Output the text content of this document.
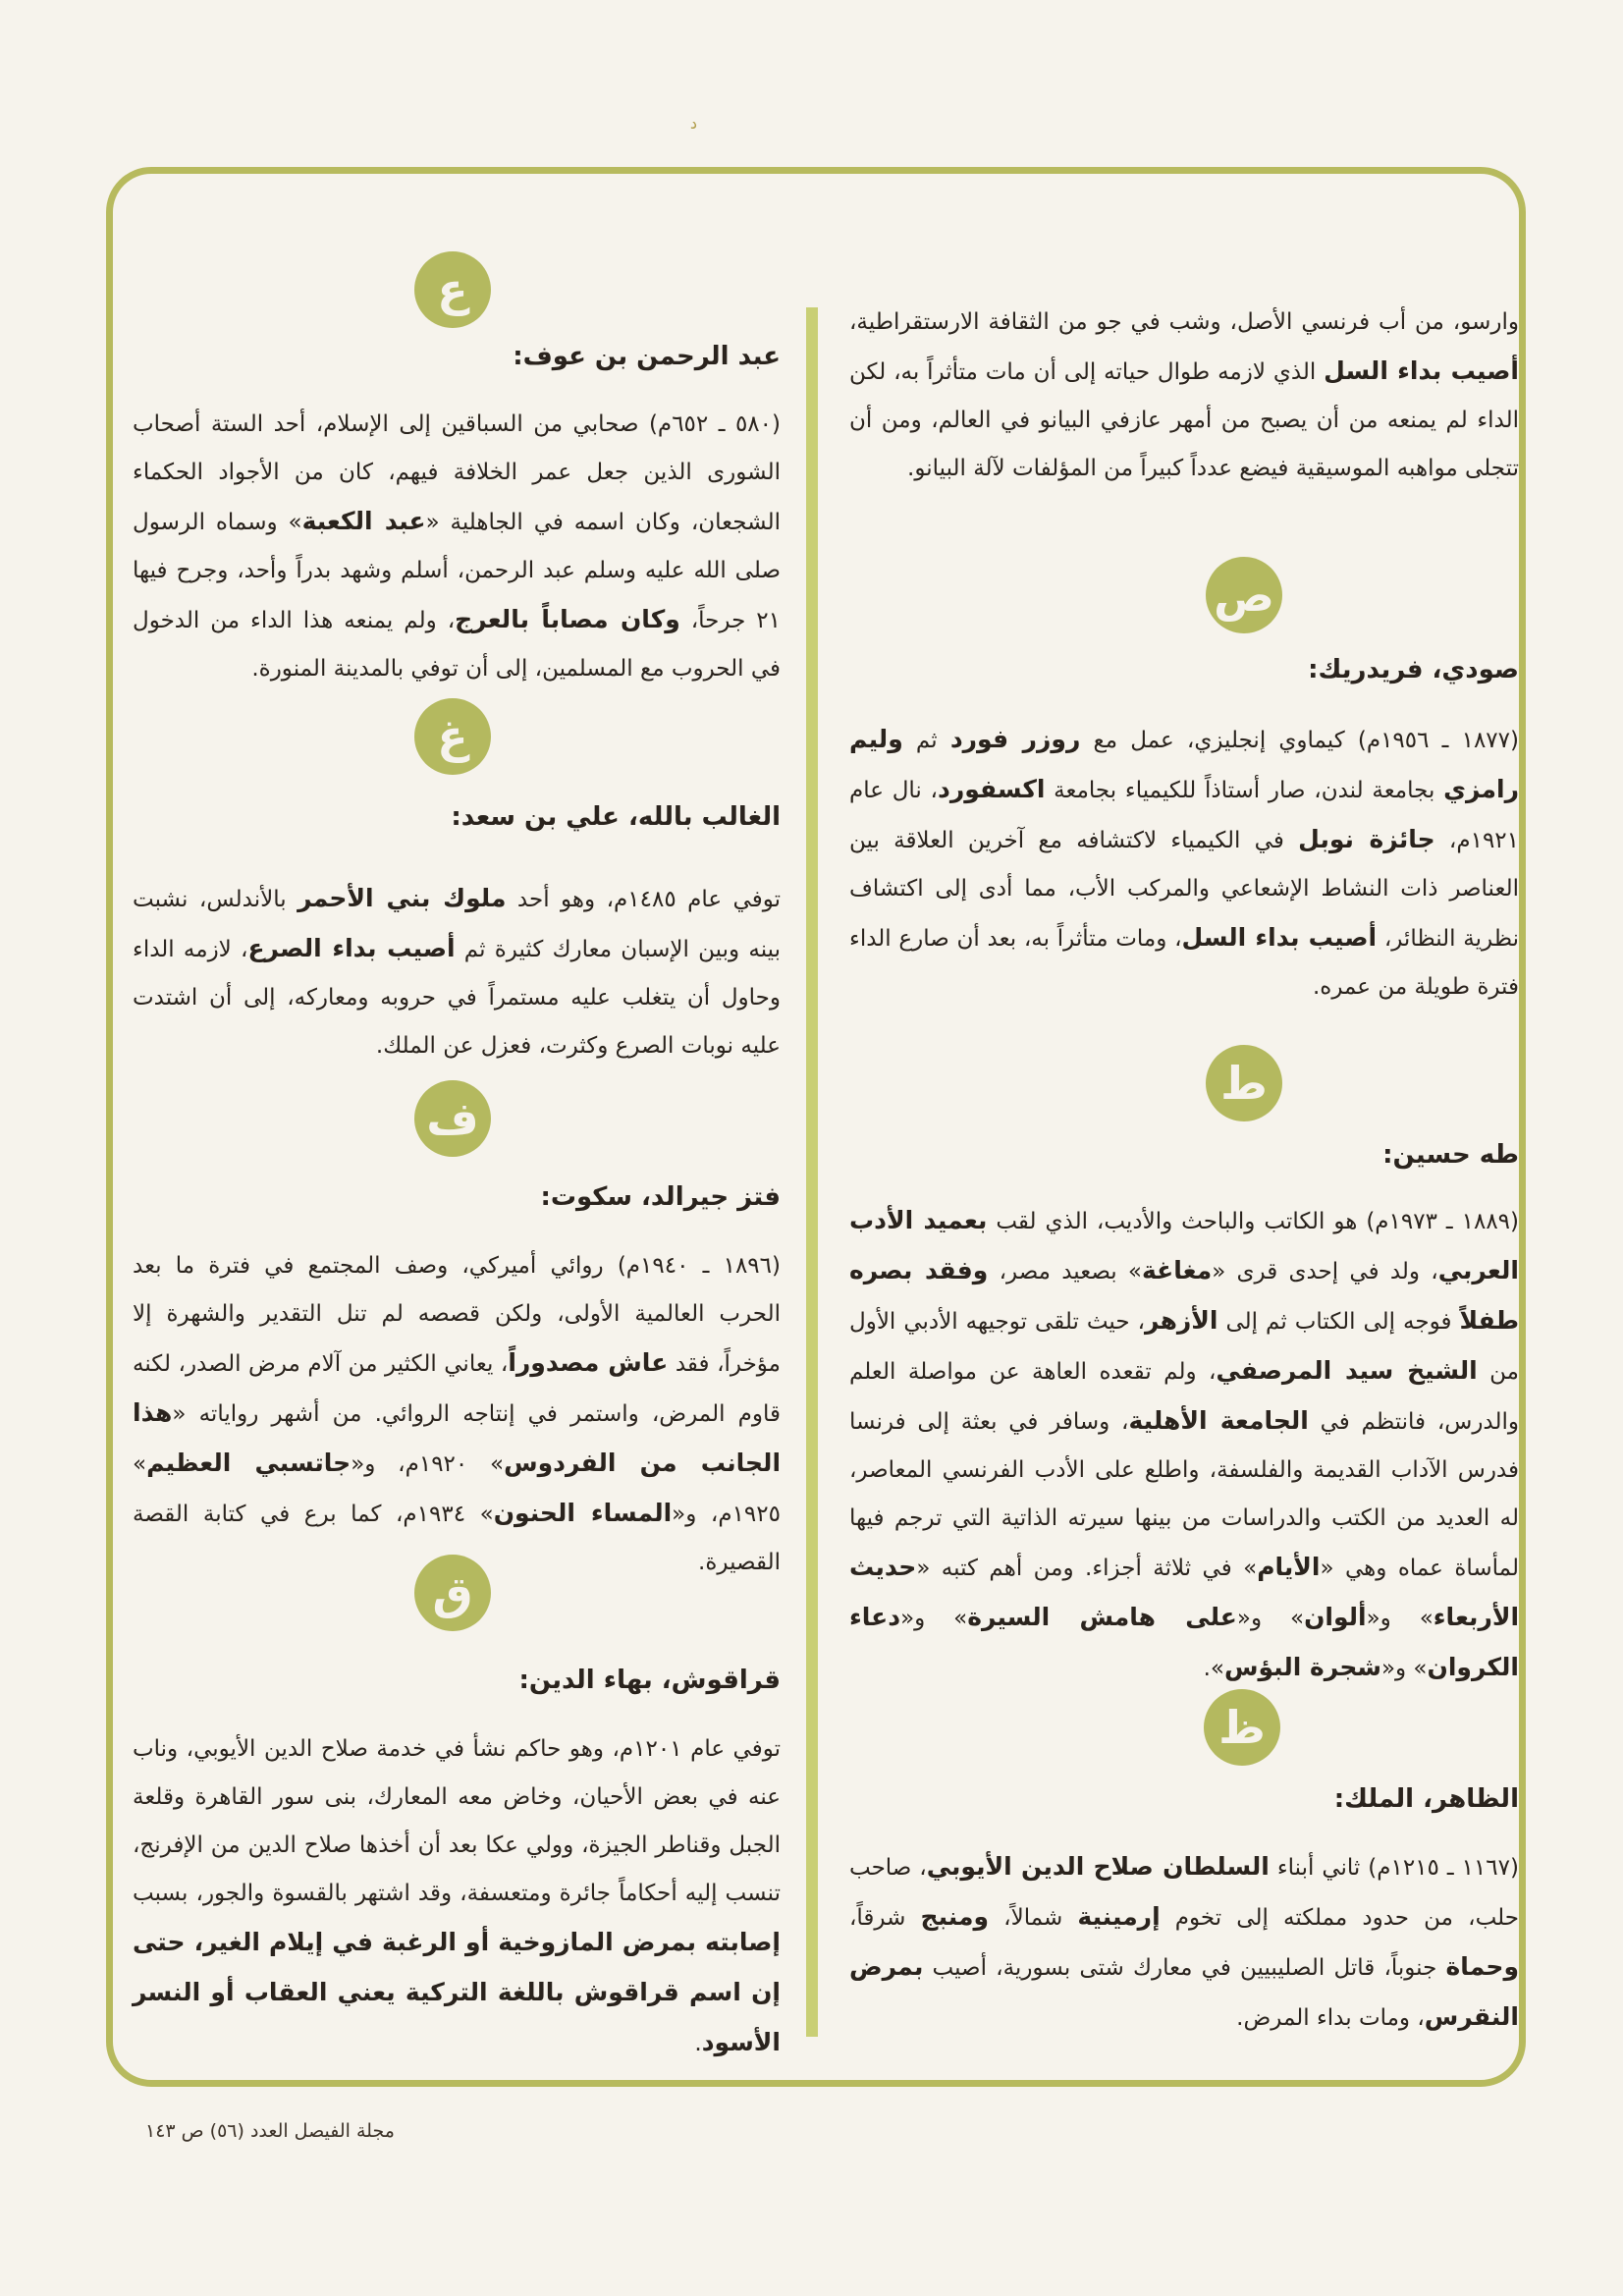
د

وارسو، من أب فرنسي الأصل، وشب في جو من الثقافة الارستقراطية، أصيب بداء السل الذي لازمه طوال حياته إلى أن مات متأثراً به، لكن الداء لم يمنعه من أن يصبح من أمهر عازفي البيانو في العالم، ومن أن تتجلى مواهبه الموسيقية فيضع عدداً كبيراً من المؤلفات لآلة البيانو.

ص
صودي، فريدريك:

(١٨٧٧ ـ ١٩٥٦م) كيماوي إنجليزي، عمل مع روزر فورد ثم وليم رامزي بجامعة لندن، صار أستاذاً للكيمياء بجامعة اكسفورد، نال عام ١٩٢١م، جائزة نوبل في الكيمياء لاكتشافه مع آخرين العلاقة بين العناصر ذات النشاط الإشعاعي والمركب الأب، مما أدى إلى اكتشاف نظرية النظائر، أصيب بداء السل، ومات متأثراً به، بعد أن صارع الداء فترة طويلة من عمره.

ط
طه حسين:

(١٨٨٩ ـ ١٩٧٣م) هو الكاتب والباحث والأديب، الذي لقب بعميد الأدب العربي، ولد في إحدى قرى «مغاغة» بصعيد مصر، وفقد بصره طفلاً فوجه إلى الكتاب ثم إلى الأزهر، حيث تلقى توجيهه الأدبي الأول من الشيخ سيد المرصفي، ولم تقعده العاهة عن مواصلة العلم والدرس، فانتظم في الجامعة الأهلية، وسافر في بعثة إلى فرنسا فدرس الآداب القديمة والفلسفة، واطلع على الأدب الفرنسي المعاصر، له العديد من الكتب والدراسات من بينها سيرته الذاتية التي ترجم فيها لمأساة عماه وهي «الأيام» في ثلاثة أجزاء. ومن أهم كتبه «حديث الأربعاء» و«ألوان» و«على هامش السيرة» و«دعاء الكروان» و«شجرة البؤس».

ظ
الظاهر، الملك:

(١١٦٧ ـ ١٢١٥م) ثاني أبناء السلطان صلاح الدين الأيوبي، صاحب حلب، من حدود مملكته إلى تخوم إرمينية شمالاً، ومنبج شرقاً، وحماة جنوباً، قاتل الصليبيين في معارك شتى بسورية، أصيب بمرض النقرس، ومات بداء المرض.

ع
عبد الرحمن بن عوف:

(٥٨٠ ـ ٦٥٢م) صحابي من السباقين إلى الإسلام، أحد الستة أصحاب الشورى الذين جعل عمر الخلافة فيهم، كان من الأجواد الحكماء الشجعان، وكان اسمه في الجاهلية «عبد الكعبة» وسماه الرسول صلى الله عليه وسلم عبد الرحمن، أسلم وشهد بدراً وأحد، وجرح فيها ٢١ جرحاً، وكان مصاباً بالعرج، ولم يمنعه هذا الداء من الدخول في الحروب مع المسلمين، إلى أن توفي بالمدينة المنورة.

غ
الغالب بالله، علي بن سعد:

توفي عام ١٤٨٥م، وهو أحد ملوك بني الأحمر بالأندلس، نشبت بينه وبين الإسبان معارك كثيرة ثم أصيب بداء الصرع، لازمه الداء وحاول أن يتغلب عليه مستمراً في حروبه ومعاركه، إلى أن اشتدت عليه نوبات الصرع وكثرت، فعزل عن الملك.

ف
فتز جيرالد، سكوت:

(١٨٩٦ ـ ١٩٤٠م) روائي أميركي، وصف المجتمع في فترة ما بعد الحرب العالمية الأولى، ولكن قصصه لم تنل التقدير والشهرة إلا مؤخراً، فقد عاش مصدوراً، يعاني الكثير من آلام مرض الصدر، لكنه قاوم المرض، واستمر في إنتاجه الروائي. من أشهر رواياته «هذا الجانب من الفردوس» ١٩٢٠م، و«جاتسبي العظيم» ١٩٢٥م، و«المساء الحنون» ١٩٣٤م، كما برع في كتابة القصة القصيرة.

ق
قراقوش، بهاء الدين:

توفي عام ١٢٠١م، وهو حاكم نشأ في خدمة صلاح الدين الأيوبي، وناب عنه في بعض الأحيان، وخاض معه المعارك، بنى سور القاهرة وقلعة الجبل وقناطر الجيزة، وولي عكا بعد أن أخذها صلاح الدين من الإفرنج، تنسب إليه أحكاماً جائرة ومتعسفة، وقد اشتهر بالقسوة والجور، بسبب إصابته بمرض المازوخية أو الرغبة في إيلام الغير، حتى إن اسم قراقوش باللغة التركية يعني العقاب أو النسر الأسود.

مجلة الفيصل العدد (٥٦) ص ١٤٣
